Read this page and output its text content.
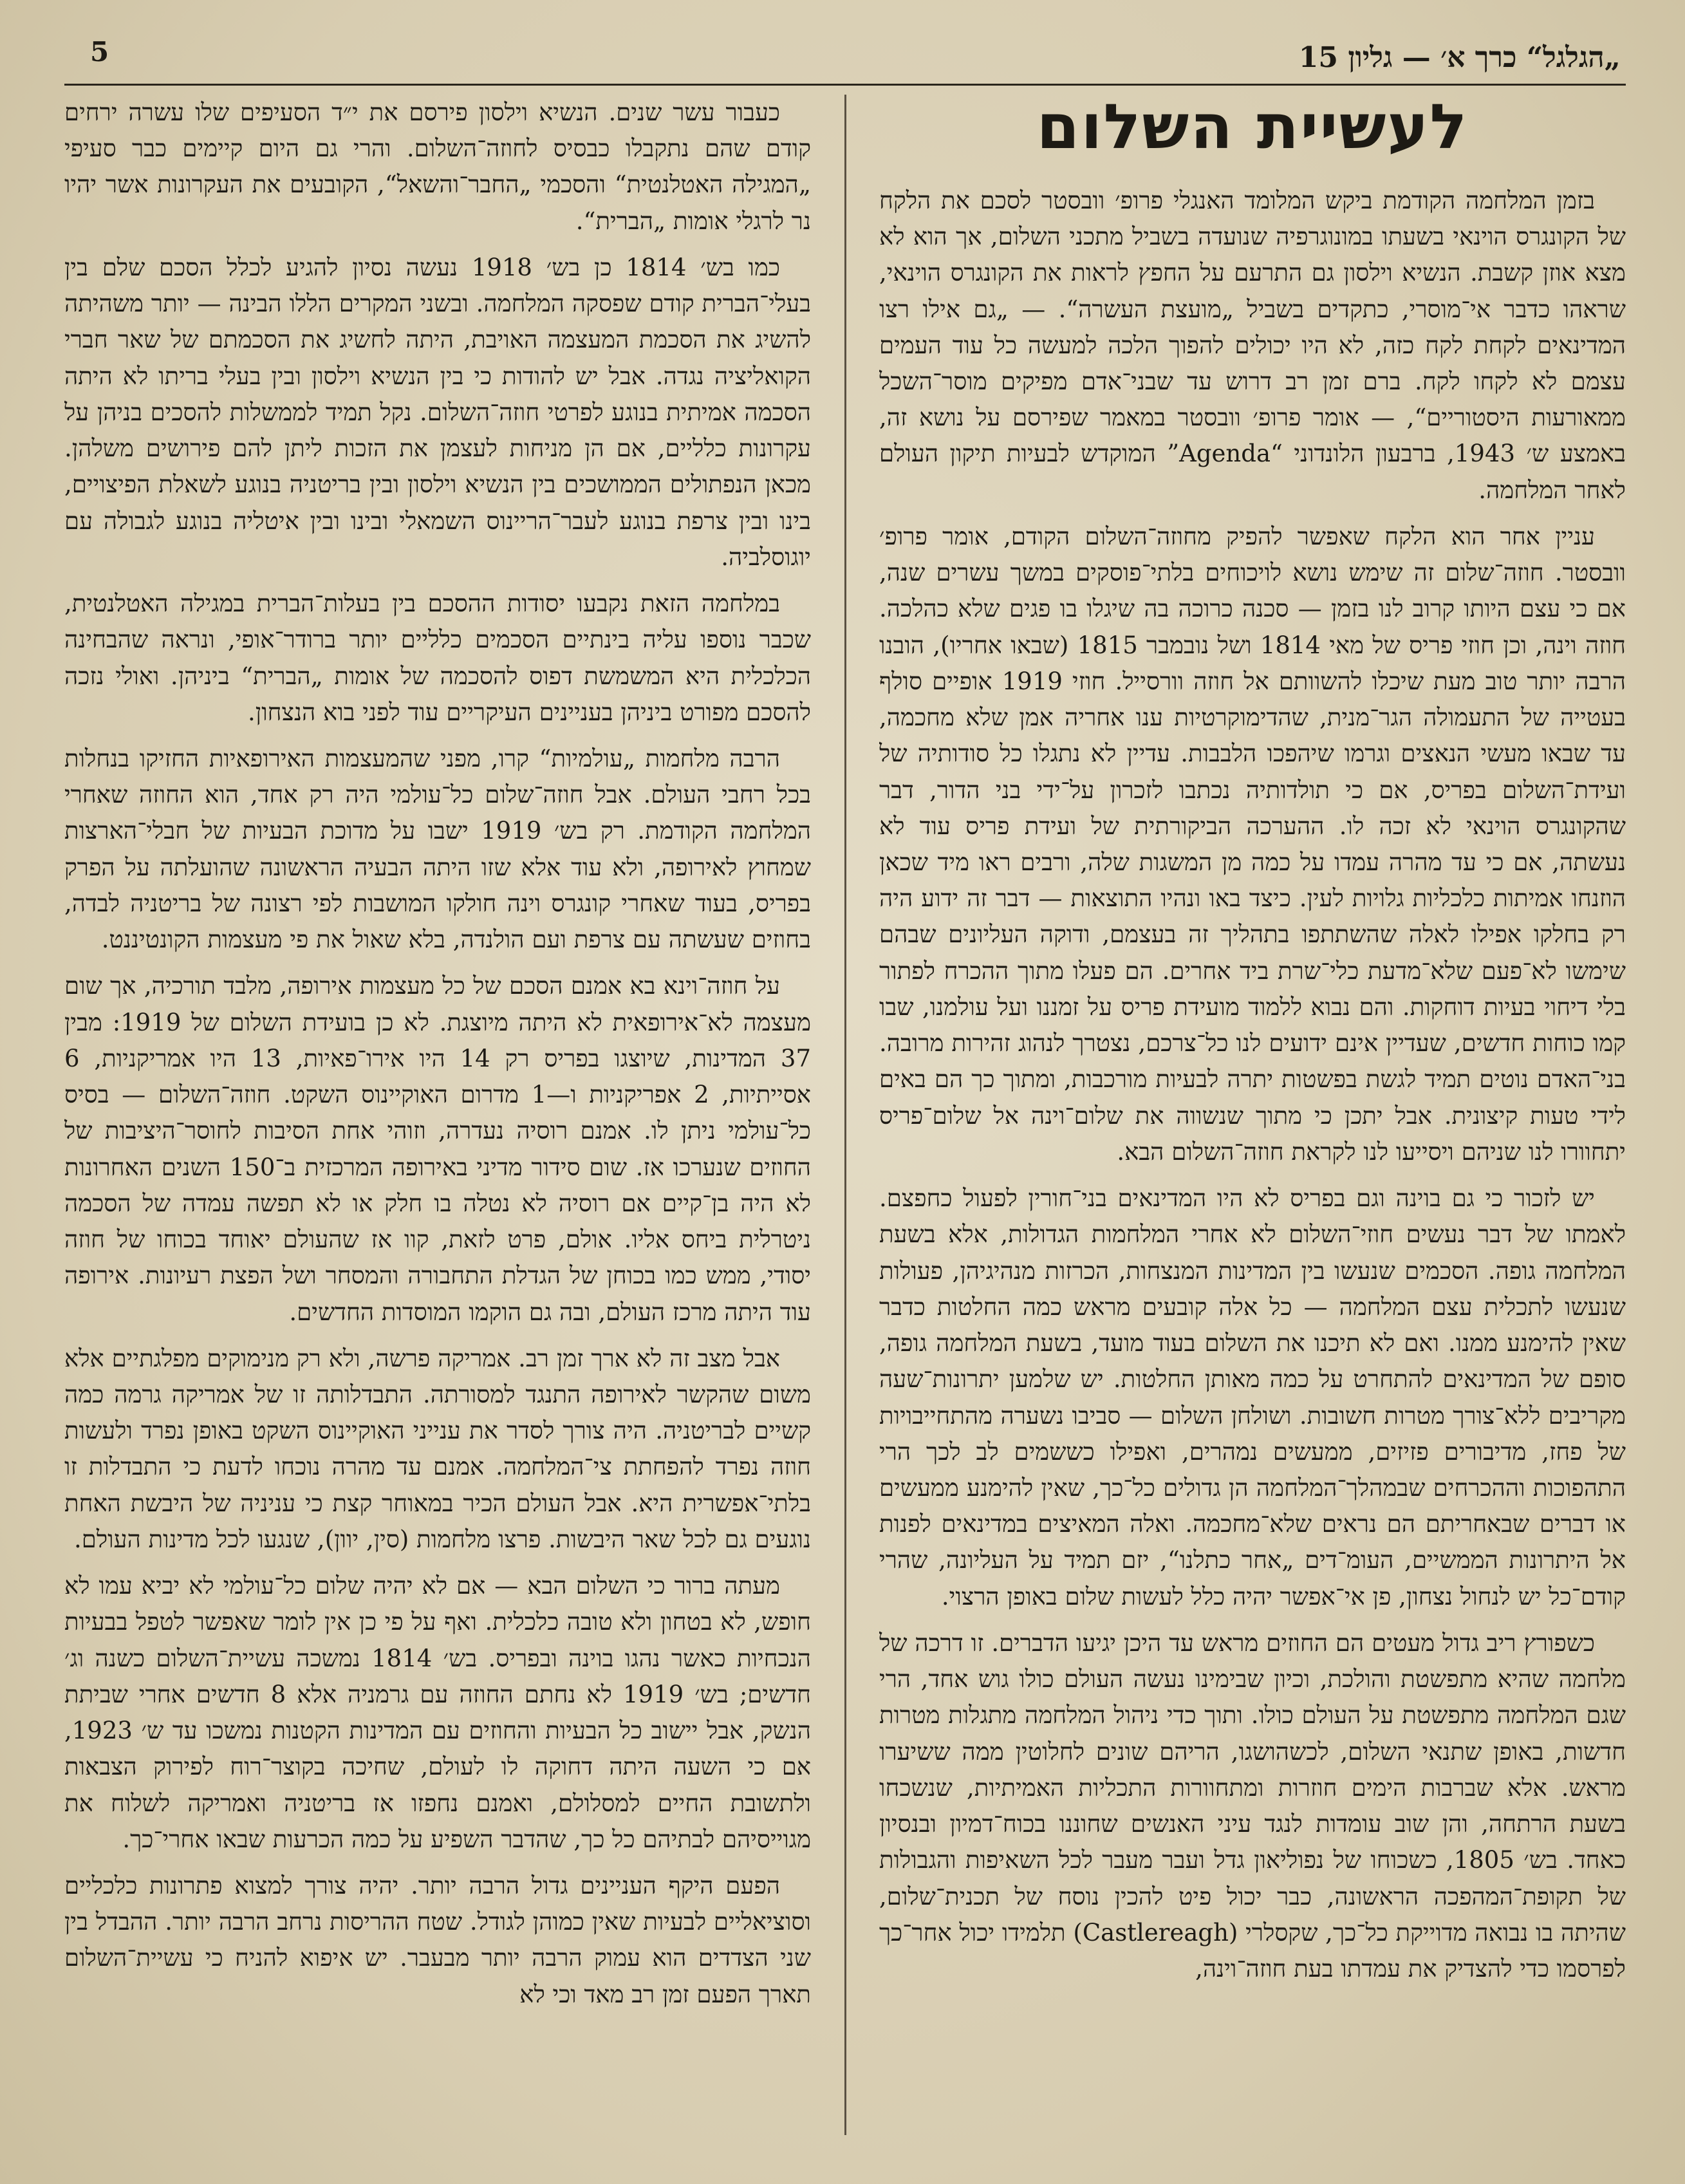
5	„הגלגל“ כרך א׳ — גליון 15
לעשיית השלום

בזמן המלחמה הקודמת ביקש המלומד האנגלי פרופ׳ וובסטר לסכם את הלקח של הקונגרס הוינאי בשעתו במונוגרפיה שנועדה בשביל מתכני השלום, אך הוא לא מצא אוזן קשבת. הנשיא וילסון גם התרעם על החפץ לראות את הקונגרס הוינאי, שראהו כדבר אי־מוסרי, כתקדים בשביל „מועצת העשרה“. — „גם אילו רצו המדינאים לקחת לקח כזה, לא היו יכולים להפוך הלכה למעשה כל עוד העמים עצמם לא לקחו לקח. ברם זמן רב דרוש עד שבני־אדם מפיקים מוסר־השכל ממאורעות היסטוריים“, — אומר פרופ׳ וובסטר במאמר שפירסם על נושא זה, באמצע ש׳ 1943, ברבעון הלונדוני “Agenda” המוקדש לבעיות תיקון העולם לאחר המלחמה.

עניין אחר הוא הלקח שאפשר להפיק מחוזה־השלום הקודם, אומר פרופ׳ וובסטר. חוזה־שלום זה שימש נושא לויכוחים בלתי־פוסקים במשך עשרים שנה, אם כי עצם היותו קרוב לנו בזמן — סכנה כרוכה בה שיגלו בו פגים שלא כהלכה. חוזה וינה, וכן חוזי פריס של מאי 1814 ושל נובמבר 1815 (שבאו אחריו), הובנו הרבה יותר טוב מעת שיכלו להשוותם אל חוזה וורסייל. חוזי 1919 אופיים סולף בעטייה של התעמולה הגר־מנית, שהדימוקרטיות ענו אחריה אמן שלא מחכמה, עד שבאו מעשי הנאצים וגרמו שיהפכו הלבבות. עדיין לא נתגלו כל סודותיה של ועידת־השלום בפריס, אם כי תולדותיה נכתבו לזכרון על־ידי בני הדור, דבר שהקונגרס הוינאי לא זכה לו. ההערכה הביקורתית של ועידת פריס עוד לא נעשתה, אם כי עד מהרה עמדו על כמה מן המשגות שלה, ורבים ראו מיד שכאן הוזנחו אמיתות כלכליות גלויות לעין. כיצד באו ונהיו התוצאות — דבר זה ידוע היה רק בחלקו אפילו לאלה שהשתתפו בתהליך זה בעצמם, ודוקה העליונים שבהם שימשו לא־פעם שלא־מדעת כלי־שרת ביד אחרים. הם פעלו מתוך ההכרח לפתור בלי דיחוי בעיות דוחקות. והם נבוא ללמוד מועידת פריס על זמננו ועל עולמנו, שבו קמו כוחות חדשים, שעדיין אינם ידועים לנו כל־צרכם, נצטרך לנהוג זהירות מרובה. בני־האדם נוטים תמיד לגשת בפשטות יתרה לבעיות מורכבות, ומתוך כך הם באים לידי טעות קיצונית. אבל יתכן כי מתוך שנשווה את שלום־וינה אל שלום־פריס יתחוורו לנו שניהם ויסייעו לנו לקראת חוזה־השלום הבא.

יש לזכור כי גם בוינה וגם בפריס לא היו המדינאים בני־חורין לפעול כחפצם. לאמתו של דבר נעשים חוזי־השלום לא אחרי המלחמות הגדולות, אלא בשעת המלחמה גופה. הסכמים שנעשו בין המדינות המנצחות, הכרזות מנהיגיהן, פעולות שנעשו לתכלית עצם המלחמה — כל אלה קובעים מראש כמה החלטות כדבר שאין להימנע ממנו. ואם לא תיכנו את השלום בעוד מועד, בשעת המלחמה גופה, סופם של המדינאים להתחרט על כמה מאותן החלטות. יש שלמען יתרונות־שעה מקריבים ללא־צורך מטרות חשובות. ושולחן השלום — סביבו נשערה מהתחייבויות של פחז, מדיבורים פזיזים, ממעשים נמהרים, ואפילו כששמים לב לכך הרי התהפוכות וההכרחים שבמהלך־המלחמה הן גדולים כל־כך, שאין להימנע ממעשים או דברים שבאחריתם הם נראים שלא־מחכמה. ואלה המאיצים במדינאים לפנות אל היתרונות הממשיים, העומ־דים „אחר כתלנו“, יזם תמיד על העליונה, שהרי קודם־כל יש לנחול נצחון, פן אי־אפשר יהיה כלל לעשות שלום באופן הרצוי.

כשפורץ ריב גדול מעטים הם החוזים מראש עד היכן יגיעו הדברים. זו דרכה של מלחמה שהיא מתפשטת והולכת, וכיון שבימינו נעשה העולם כולו גוש אחד, הרי שגם המלחמה מתפשטת על העולם כולו. ותוך כדי ניהול המלחמה מתגלות מטרות חדשות, באופן שתנאי השלום, לכשהושגו, הריהם שונים לחלוטין ממה ששיערו מראש. אלא שברבות הימים חוזרות ומתחוורות התכליות האמיתיות, שנשכחו בשעת הרתחה, והן שוב עומדות לנגד עיני האנשים שחוננו בכוח־דמיון ובנסיון כאחד. בש׳ 1805, כשכוחו של נפוליאון גדל ועבר מעבר לכל השאיפות והגבולות של תקופת־המהפכה הראשונה, כבר יכול פיט להכין נוסח של תכנית־שלום, שהיתה בו נבואה מדוייקת כל־כך, שקסלרי (Castlereagh) תלמידו יכול אחר־כך לפרסמו כדי להצדיק את עמדתו בעת חוזה־וינה,

כעבור עשר שנים. הנשיא וילסון פירסם את י״ד הסעיפים שלו עשרה ירחים קודם שהם נתקבלו כבסיס לחוזה־השלום. והרי גם היום קיימים כבר סעיפי „המגילה האטלנטית“ והסכמי „החבר־והשאל“, הקובעים את העקרונות אשר יהיו נר לרגלי אומות „הברית“.

כמו בש׳ 1814 כן בש׳ 1918 נעשה נסיון להגיע לכלל הסכם שלם בין בעלי־הברית קודם שפסקה המלחמה. ובשני המקרים הללו הבינה — יותר משהיתה להשיג את הסכמת המעצמה האויבת, היתה לחשיג את הסכמתם של שאר חברי הקואליציה נגדה. אבל יש להודות כי בין הנשיא וילסון ובין בעלי בריתו לא היתה הסכמה אמיתית בנוגע לפרטי חוזה־השלום. נקל תמיד לממשלות להסכים בניהן על עקרונות כלליים, אם הן מניחות לעצמן את הזכות ליתן להם פירושים משלהן. מכאן הנפתולים הממושכים בין הנשיא וילסון ובין בריטניה בנוגע לשאלת הפיצויים, בינו ובין צרפת בנוגע לעבר־הריינוס השמאלי ובינו ובין איטליה בנוגע לגבולה עם יוגוסלביה.

במלחמה הזאת נקבעו יסודות ההסכם בין בעלות־הברית במגילה האטלנטית, שכבר נוספו עליה בינתיים הסכמים כלליים יותר ברודר־אופי, ונראה שהבחינה הכלכלית היא המשמשת דפוס להסכמה של אומות „הברית“ ביניהן. ואולי נזכה להסכם מפורט ביניהן בעניינים העיקריים עוד לפני בוא הנצחון.

הרבה מלחמות „עולמיות“ קרו, מפני שהמעצמות האירופאיות החזיקו בנחלות בכל רחבי העולם. אבל חוזה־שלום כל־עולמי היה רק אחד, הוא החוזה שאחרי המלחמה הקודמת. רק בש׳ 1919 ישבו על מדוכת הבעיות של חבלי־הארצות שמחוץ לאירופה, ולא עוד אלא שזו היתה הבעיה הראשונה שהועלתה על הפרק בפריס, בעוד שאחרי קונגרס וינה חולקו המושבות לפי רצונה של בריטניה לבדה, בחוזים שעשתה עם צרפת ועם הולנדה, בלא שאול את פי מעצמות הקונטיננט.

על חוזה־וינא בא אמנם הסכם של כל מעצמות אירופה, מלבד תורכיה, אך שום מעצמה לא־אירופאית לא היתה מיוצגת. לא כן בועידת השלום של 1919: מבין 37 המדינות, שיוצגו בפריס רק 14 היו אירו־פאיות, 13 היו אמריקניות, 6 אסייתיות, 2 אפריקניות ו—1 מדרום האוקיינוס השקט. חוזה־השלום — בסיס כל־עולמי ניתן לו. אמנם רוסיה נעדרה, וזוהי אחת הסיבות לחוסר־היציבות של החוזים שנערכו אז. שום סידור מדיני באירופה המרכזית ב־150 השנים האחרונות לא היה בן־קיים אם רוסיה לא נטלה בו חלק או לא תפשה עמדה של הסכמה ניטרלית ביחס אליו. אולם, פרט לזאת, קוו אז שהעולם יאוחד בכוחו של חוזה יסודי, ממש כמו בכוחן של הגדלת התחבורה והמסחר ושל הפצת רעיונות. אירופה עוד היתה מרכז העולם, ובה גם הוקמו המוסדות החדשים.

אבל מצב זה לא ארך זמן רב. אמריקה פרשה, ולא רק מנימוקים מפלגתיים אלא משום שהקשר לאירופה התנגד למסורתה. התבדלותה זו של אמריקה גרמה כמה קשיים לבריטניה. היה צורך לסדר את ענייני האוקיינוס השקט באופן נפרד ולעשות חוזה נפרד להפחתת צי־המלחמה. אמנם עד מהרה נוכחו לדעת כי התבדלות זו בלתי־אפשרית היא. אבל העולם הכיר במאוחר קצת כי עניניה של היבשת האחת נוגעים גם לכל שאר היבשות. פרצו מלחמות (סין, יוון), שנגעו לכל מדינות העולם.

מעתה ברור כי השלום הבא — אם לא יהיה שלום כל־עולמי לא יביא עמו לא חופש, לא בטחון ולא טובה כלכלית. ואף על פי כן אין לומר שאפשר לטפל בבעיות הנכחיות כאשר נהגו בוינה ובפריס. בש׳ 1814 נמשכה עשיית־השלום כשנה וג׳ חדשים; בש׳ 1919 לא נחתם החוזה עם גרמניה אלא 8 חדשים אחרי שביתת הנשק, אבל יישוב כל הבעיות והחוזים עם המדינות הקטנות נמשכו עד ש׳ 1923, אם כי השעה היתה דחוקה לו לעולם, שחיכה בקוצר־רוח לפירוק הצבאות ולתשובת החיים למסלולם, ואמנם נחפזו אז בריטניה ואמריקה לשלוח את מגוייסיהם לבתיהם כל כך, שהדבר השפיע על כמה הכרעות שבאו אחרי־כך.

הפעם היקף העניינים גדול הרבה יותר. יהיה צורך למצוא פתרונות כלכליים וסוציאליים לבעיות שאין כמוהן לגודל. שטח ההריסות נרחב הרבה יותר. ההבדל בין שני הצדדים הוא עמוק הרבה יותר מבעבר. יש איפוא להניח כי עשיית־השלום תארך הפעם זמן רב מאד וכי לא
